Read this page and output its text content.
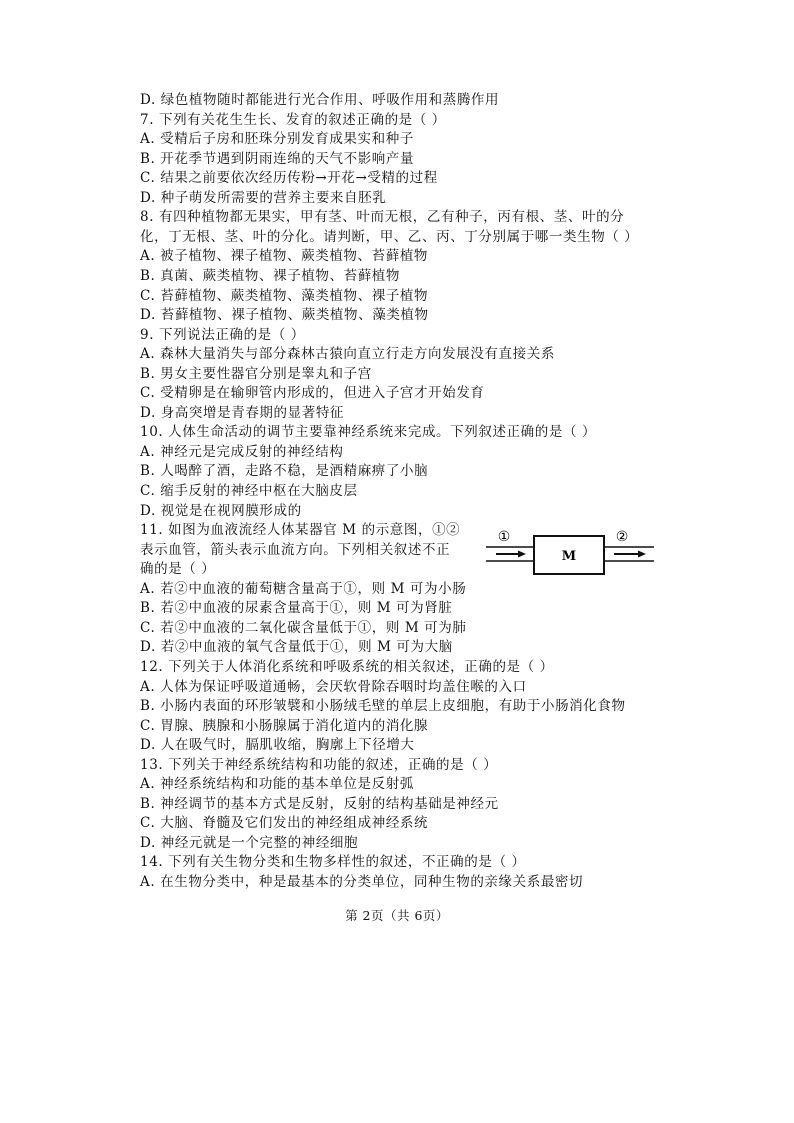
D. 绿色植物随时都能进行光合作用、呼吸作用和蒸腾作用
7. 下列有关花生生长、发育的叙述正确的是（ ）
A. 受精后子房和胚珠分别发育成果实和种子
B. 开花季节遇到阴雨连绵的天气不影响产量
C. 结果之前要依次经历传粉→开花→受精的过程
D. 种子萌发所需要的营养主要来自胚乳
8. 有四种植物都无果实，甲有茎、叶而无根，乙有种子，丙有根、茎、叶的分
化，丁无根、茎、叶的分化。请判断，甲、乙、丙、丁分别属于哪一类生物（ ）
A. 被子植物、裸子植物、蕨类植物、苔藓植物
B. 真菌、蕨类植物、裸子植物、苔藓植物
C. 苔藓植物、蕨类植物、藻类植物、裸子植物
D. 苔藓植物、裸子植物、蕨类植物、藻类植物
9. 下列说法正确的是（ ）
A. 森林大量消失与部分森林古猿向直立行走方向发展没有直接关系
B. 男女主要性器官分别是睾丸和子宫
C. 受精卵是在输卵管内形成的，但进入子宫才开始发育
D. 身高突增是青春期的显著特征
10. 人体生命活动的调节主要靠神经系统来完成。下列叙述正确的是（ ）
A. 神经元是完成反射的神经结构
B. 人喝醉了酒，走路不稳，是酒精麻痹了小脑
C. 缩手反射的神经中枢在大脑皮层
D. 视觉是在视网膜形成的
11. 如图为血液流经人体某器官 M 的示意图，①②
表示血管，箭头表示血流方向。下列相关叙述不正
确的是（ ）
A. 若②中血液的葡萄糖含量高于①，则 M 可为小肠
B. 若②中血液的尿素含量高于①，则 M 可为肾脏
C. 若②中血液的二氧化碳含量低于①，则 M 可为肺
D. 若②中血液的氧气含量低于①，则 M 可为大脑
12. 下列关于人体消化系统和呼吸系统的相关叙述，正确的是（ ）
A. 人体为保证呼吸道通畅，会厌软骨除吞咽时均盖住喉的入口
B. 小肠内表面的环形皱襞和小肠绒毛壁的单层上皮细胞，有助于小肠消化食物
C. 胃腺、胰腺和小肠腺属于消化道内的消化腺
D. 人在吸气时，膈肌收缩，胸廓上下径增大
13. 下列关于神经系统结构和功能的叙述，正确的是（ ）
A. 神经系统结构和功能的基本单位是反射弧
B. 神经调节的基本方式是反射，反射的结构基础是神经元
C. 大脑、脊髓及它们发出的神经组成神经系统
D. 神经元就是一个完整的神经细胞
14. 下列有关生物分类和生物多样性的叙述，不正确的是（ ）
A. 在生物分类中，种是最基本的分类单位，同种生物的亲缘关系最密切
M
①	②
第 2页（共 6页）
